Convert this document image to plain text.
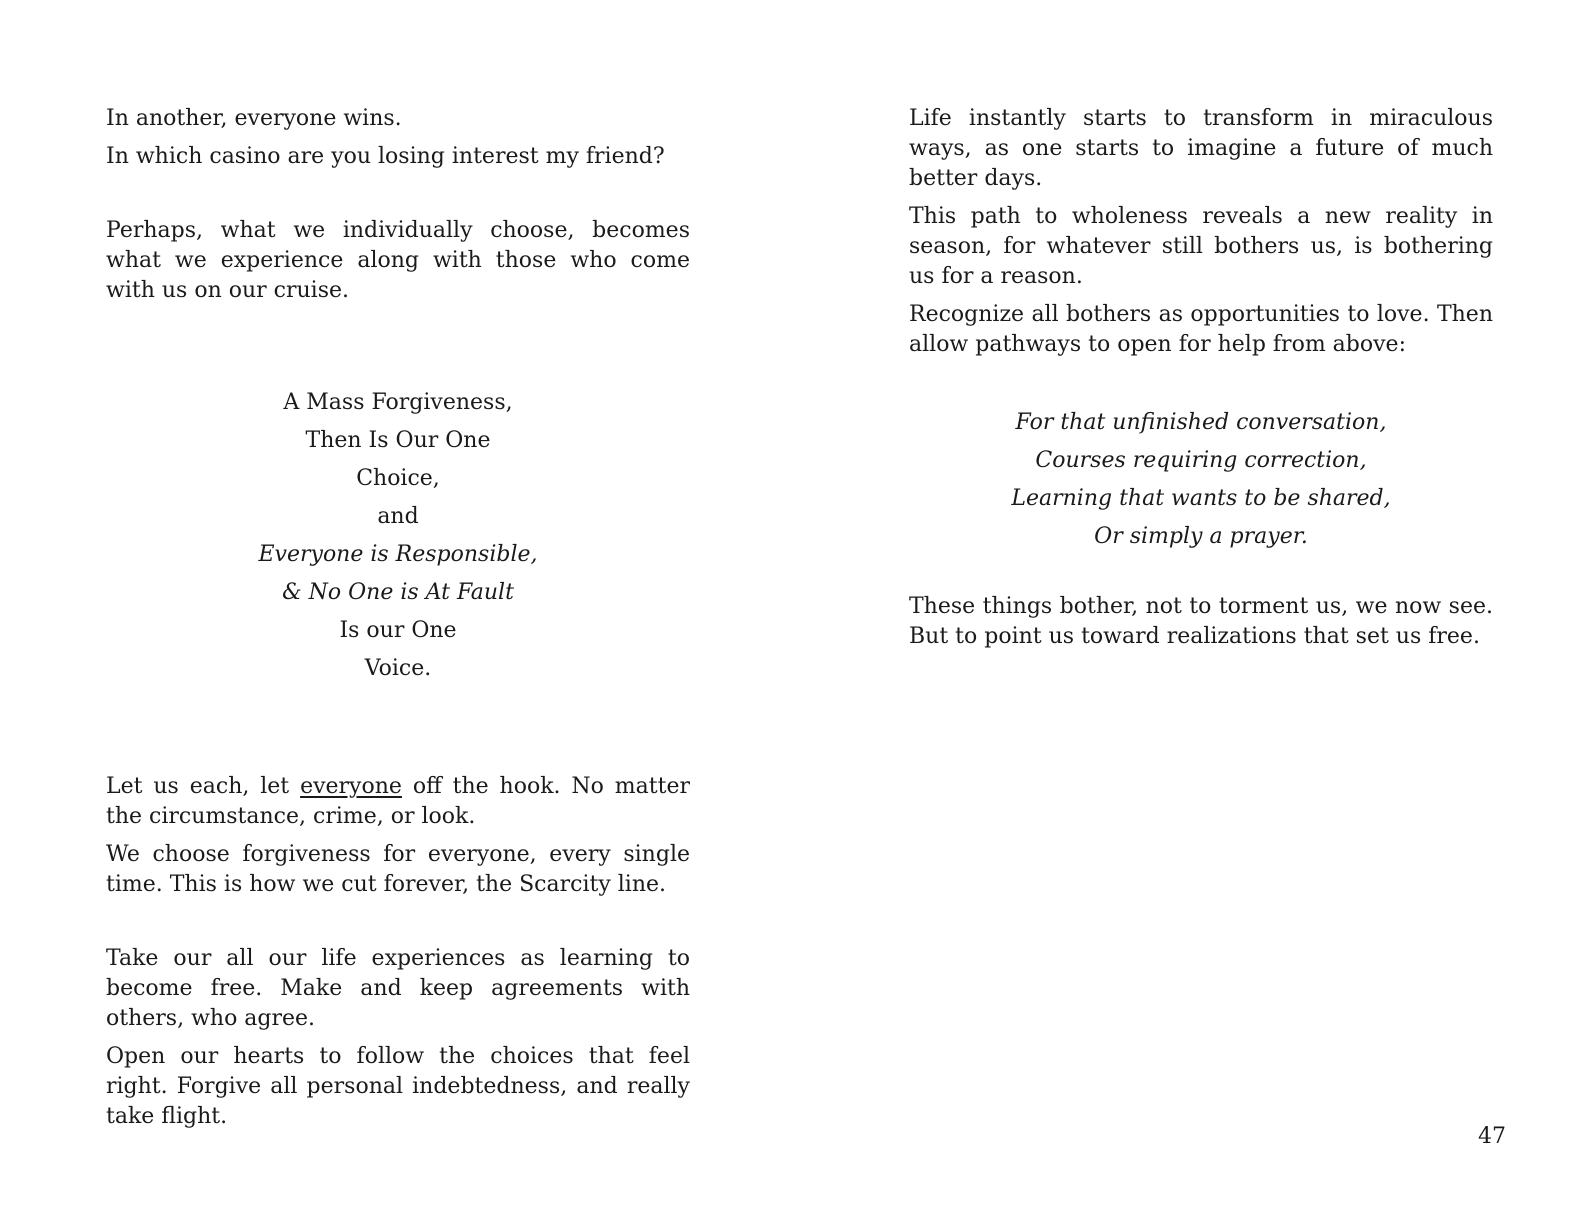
In another, everyone wins.

In which casino are you losing interest my friend?

Perhaps, what we individually choose, becomes what we experience along with those who come with us on our cruise.

A Mass Forgiveness,
Then Is Our One
Choice,
and
Everyone is Responsible,
& No One is At Fault
Is our One
Voice.

Let us each, let everyone off the hook. No matter the circumstance, crime, or look.

We choose forgiveness for everyone, every single time. This is how we cut forever, the Scarcity line.

Take our all our life experiences as learning to become free. Make and keep agreements with others, who agree.

Open our hearts to follow the choices that feel right. Forgive all personal indebtedness, and really take flight.

Life instantly starts to transform in miraculous ways, as one starts to imagine a future of much better days.

This path to wholeness reveals a new reality in season, for whatever still bothers us, is bothering us for a reason.

Recognize all bothers as opportunities to love. Then allow pathways to open for help from above:

For that unfinished conversation,
Courses requiring correction,
Learning that wants to be shared,
Or simply a prayer.

These things bother, not to torment us, we now see. But to point us toward realizations that set us free.

47
